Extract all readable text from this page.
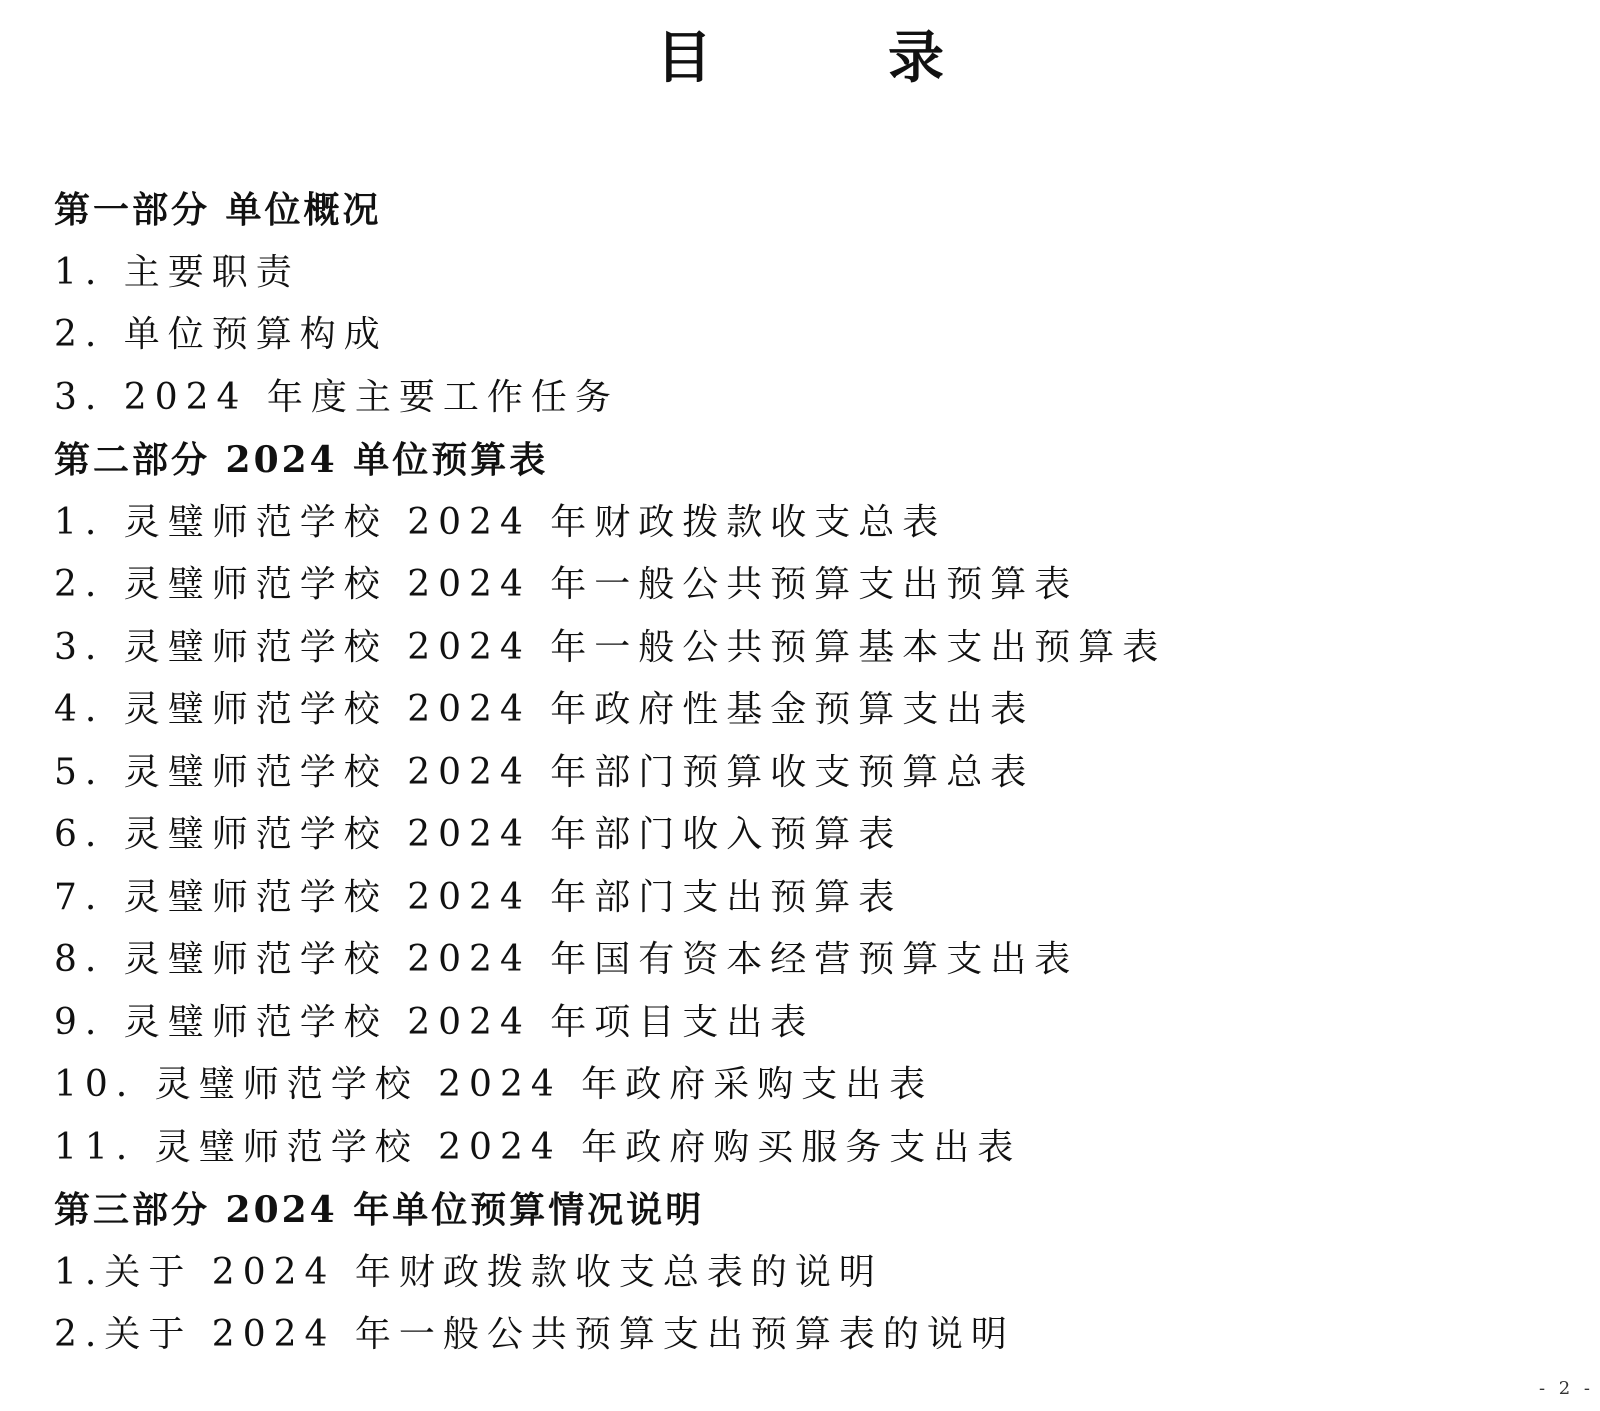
目　录
第一部分 单位概况
1. 主要职责
2. 单位预算构成
3. 2024 年度主要工作任务
第二部分 2024 单位预算表
1. 灵璧师范学校 2024 年财政拨款收支总表
2. 灵璧师范学校 2024 年一般公共预算支出预算表
3. 灵璧师范学校 2024 年一般公共预算基本支出预算表
4. 灵璧师范学校 2024 年政府性基金预算支出表
5. 灵璧师范学校 2024 年部门预算收支预算总表
6. 灵璧师范学校 2024 年部门收入预算表
7. 灵璧师范学校 2024 年部门支出预算表
8. 灵璧师范学校 2024 年国有资本经营预算支出表
9. 灵璧师范学校 2024 年项目支出表
10. 灵璧师范学校 2024 年政府采购支出表
11. 灵璧师范学校 2024 年政府购买服务支出表
第三部分 2024 年单位预算情况说明
1.关于 2024 年财政拨款收支总表的说明
2.关于 2024 年一般公共预算支出预算表的说明
- 2 -
